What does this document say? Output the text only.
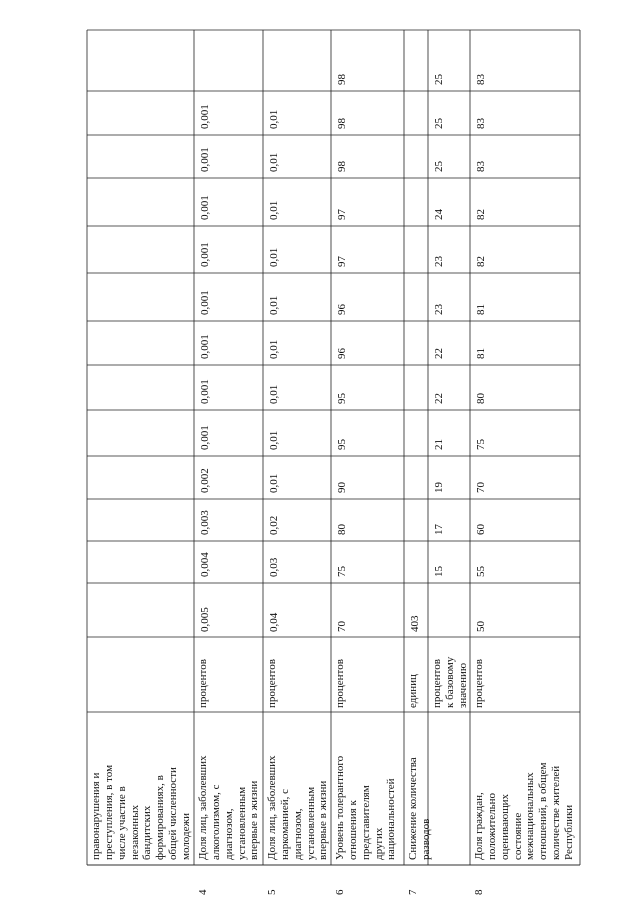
правонарушения и
преступления, в том
числе участие в
незаконных
бандитских
формированиях, в
общей численности
молодежи
4
Доля лиц, заболевших
алкоголизмом, с
диагнозом,
установленным
впервые в жизни
процентов
0,005
0,004
0,003
0,002
0,001
0,001
0,001
0,001
0,001
0,001
0,001
0,001
5
Доля лиц, заболевших
наркоманией, с
диагнозом,
установленным
впервые в жизни
процентов
0,04
0,03
0,02
0,01
0,01
0,01
0,01
0,01
0,01
0,01
0,01
0,01
6
Уровень толерантного
отношения к
представителям
других
национальностей
процентов
70
75
80
90
95
95
96
96
97
97
98
98
98
7
Снижение количества
разводов
единиц
403
процентов
к базовому
значению
15
17
19
21
22
22
23
23
24
25
25
25
8
Доля граждан,
положительно
оценивающих
состояние
межнациональных
отношений, в общем
количестве жителей
Республики
процентов
50
55
60
70
75
80
81
81
82
82
83
83
83
